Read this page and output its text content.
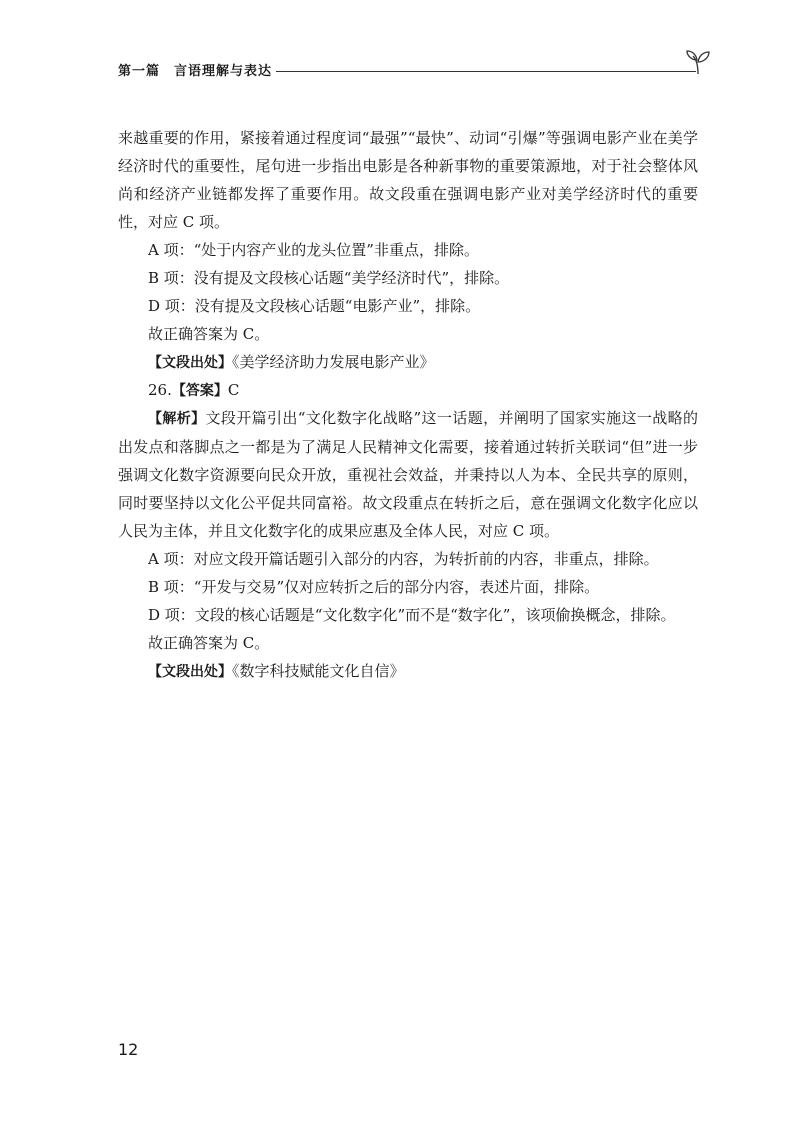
第一篇　言语理解与表达

来越重要的作用，紧接着通过程度词“最强”“最快”、动词“引爆”等强调电影产业在美学经济时代的重要性，尾句进一步指出电影是各种新事物的重要策源地，对于社会整体风尚和经济产业链都发挥了重要作用。故文段重在强调电影产业对美学经济时代的重要性，对应 C 项。

A 项：“处于内容产业的龙头位置”非重点，排除。
B 项：没有提及文段核心话题“美学经济时代”，排除。
D 项：没有提及文段核心话题“电影产业”，排除。
故正确答案为 C。
【文段出处】《美学经济助力发展电影产业》
26.【答案】C

【解析】文段开篇引出“文化数字化战略”这一话题，并阐明了国家实施这一战略的出发点和落脚点之一都是为了满足人民精神文化需要，接着通过转折关联词“但”进一步强调文化数字资源要向民众开放，重视社会效益，并秉持以人为本、全民共享的原则，同时要坚持以文化公平促共同富裕。故文段重点在转折之后，意在强调文化数字化应以人民为主体，并且文化数字化的成果应惠及全体人民，对应 C 项。

A 项：对应文段开篇话题引入部分的内容，为转折前的内容，非重点，排除。
B 项：“开发与交易”仅对应转折之后的部分内容，表述片面，排除。

D 项：文段的核心话题是“文化数字化”而不是“数字化”，该项偷换概念，排除。

故正确答案为 C。
【文段出处】《数字科技赋能文化自信》
12
